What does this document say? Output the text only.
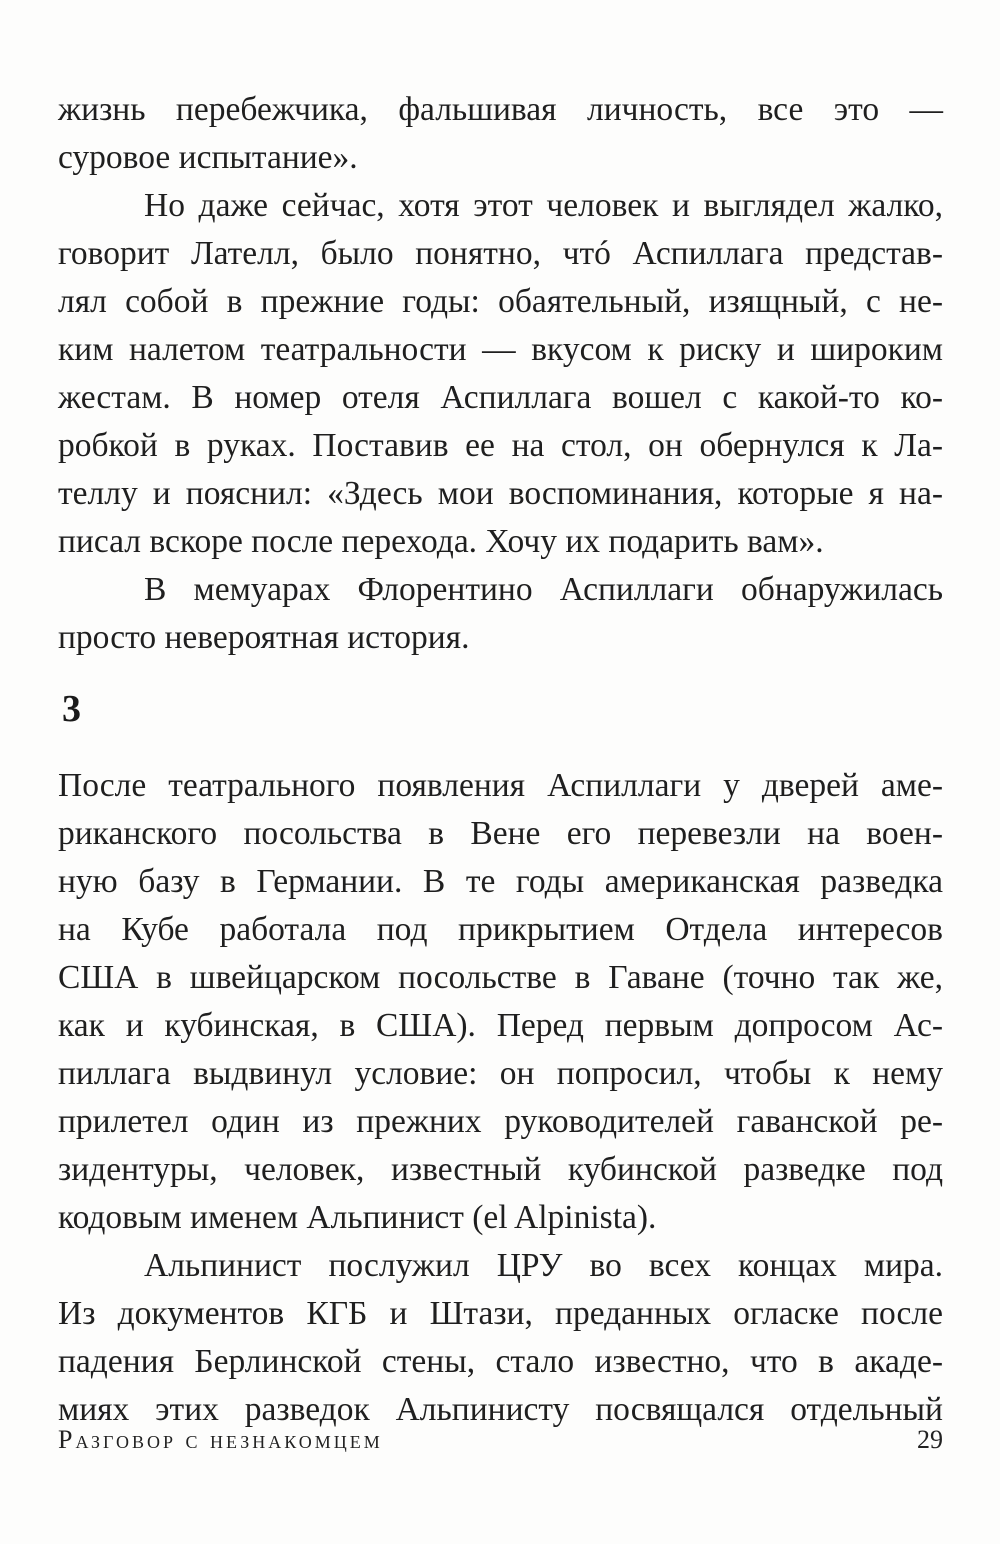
жизнь перебежчика, фальшивая личность, все это —
суровое испытание».
Но даже сейчас, хотя этот человек и выглядел жалко,
говорит Лателл, было понятно, чтó Аспиллага представ-
лял собой в прежние годы: обаятельный, изящный, с не-
ким налетом театральности — вкусом к риску и широким
жестам. В номер отеля Аспиллага вошел с какой-то ко-
робкой в руках. Поставив ее на стол, он обернулся к Ла-
теллу и пояснил: «Здесь мои воспоминания, которые я на-
писал вскоре после перехода. Хочу их подарить вам».
В мемуарах Флорентино Аспиллаги обнаружилась
просто невероятная история.
После театрального появления Аспиллаги у дверей аме-
риканского посольства в Вене его перевезли на воен-
ную базу в Германии. В те годы американская разведка
на Кубе работала под прикрытием Отдела интересов
США в швейцарском посольстве в Гаване (точно так же,
как и кубинская, в США). Перед первым допросом Ас-
пиллага выдвинул условие: он попросил, чтобы к нему
прилетел один из прежних руководителей гаванской ре-
зидентуры, человек, известный кубинской разведке под
кодовым именем Альпинист (el Alpinista).
Альпинист послужил ЦРУ во всех концах мира.
Из документов КГБ и Штази, преданных огласке после
падения Берлинской стены, стало известно, что в акаде-
миях этих разведок Альпинисту посвящался отдельный
3
Разговор с незнакомцем	29
